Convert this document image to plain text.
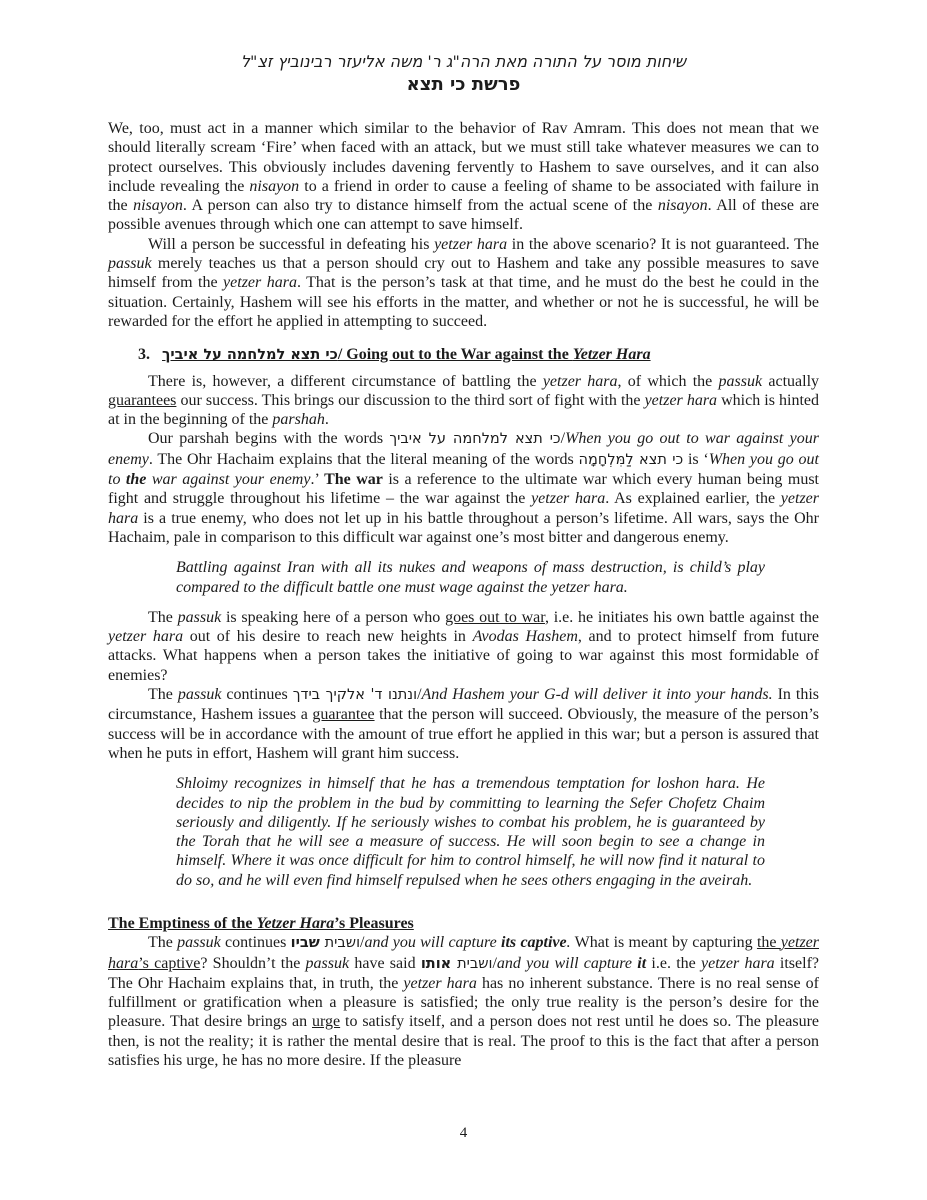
שיחות מוסר על התורה מאת הרה"ג ר' משה אליעזר רבינוביץ זצ"ל

פרשת כי תצא

We, too, must act in a manner which similar to the behavior of Rav Amram. This does not mean that we should literally scream ‘Fire’ when faced with an attack, but we must still take whatever measures we can to protect ourselves. This obviously includes davening fervently to Hashem to save ourselves, and it can also include revealing the nisayon to a friend in order to cause a feeling of shame to be associated with failure in the nisayon. A person can also try to distance himself from the actual scene of the nisayon. All of these are possible avenues through which one can attempt to save himself.

Will a person be successful in defeating his yetzer hara in the above scenario? It is not guaranteed. The passuk merely teaches us that a person should cry out to Hashem and take any possible measures to save himself from the yetzer hara. That is the person’s task at that time, and he must do the best he could in the situation. Certainly, Hashem will see his efforts in the matter, and whether or not he is successful, he will be rewarded for the effort he applied in attempting to succeed.

3. כי תצא למלחמה על איביך/ Going out to the War against the Yetzer Hara

There is, however, a different circumstance of battling the yetzer hara, of which the passuk actually guarantees our success. This brings our discussion to the third sort of fight with the yetzer hara which is hinted at in the beginning of the parshah.

Our parshah begins with the words כי תצא למלחמה על איביך/When you go out to war against your enemy. The Ohr Hachaim explains that the literal meaning of the words כי תצא לַמִּלְחָמָה is ‘When you go out to the war against your enemy.’ The war is a reference to the ultimate war which every human being must fight and struggle throughout his lifetime – the war against the yetzer hara. As explained earlier, the yetzer hara is a true enemy, who does not let up in his battle throughout a person’s lifetime. All wars, says the Ohr Hachaim, pale in comparison to this difficult war against one’s most bitter and dangerous enemy.

Battling against Iran with all its nukes and weapons of mass destruction, is child’s play compared to the difficult battle one must wage against the yetzer hara.

The passuk is speaking here of a person who goes out to war, i.e. he initiates his own battle against the yetzer hara out of his desire to reach new heights in Avodas Hashem, and to protect himself from future attacks. What happens when a person takes the initiative of going to war against this most formidable of enemies?

The passuk continues ונתנו ד' אלקיך בידך/And Hashem your G-d will deliver it into your hands. In this circumstance, Hashem issues a guarantee that the person will succeed. Obviously, the measure of the person’s success will be in accordance with the amount of true effort he applied in this war; but a person is assured that when he puts in effort, Hashem will grant him success.

Shloimy recognizes in himself that he has a tremendous temptation for loshon hara. He decides to nip the problem in the bud by committing to learning the Sefer Chofetz Chaim seriously and diligently. If he seriously wishes to combat his problem, he is guaranteed by the Torah that he will see a measure of success. He will soon begin to see a change in himself. Where it was once difficult for him to control himself, he will now find it natural to do so, and he will even find himself repulsed when he sees others engaging in the aveirah.

The Emptiness of the Yetzer Hara’s Pleasures

The passuk continues ושבית שביו	/and you will capture its captive. What is meant by capturing the yetzer hara’s captive? Shouldn’t the passuk have said ושבית אותו	/and you will capture it i.e. the yetzer hara itself? The Ohr Hachaim explains that, in truth, the yetzer hara has no inherent substance. There is no real sense of fulfillment or gratification when a pleasure is satisfied; the only true reality is the person’s desire for the pleasure. That desire brings an urge to satisfy itself, and a person does not rest until he does so. The pleasure then, is not the reality; it is rather the mental desire that is real. The proof to this is the fact that after a person satisfies his urge, he has no more desire. If the pleasure

4
